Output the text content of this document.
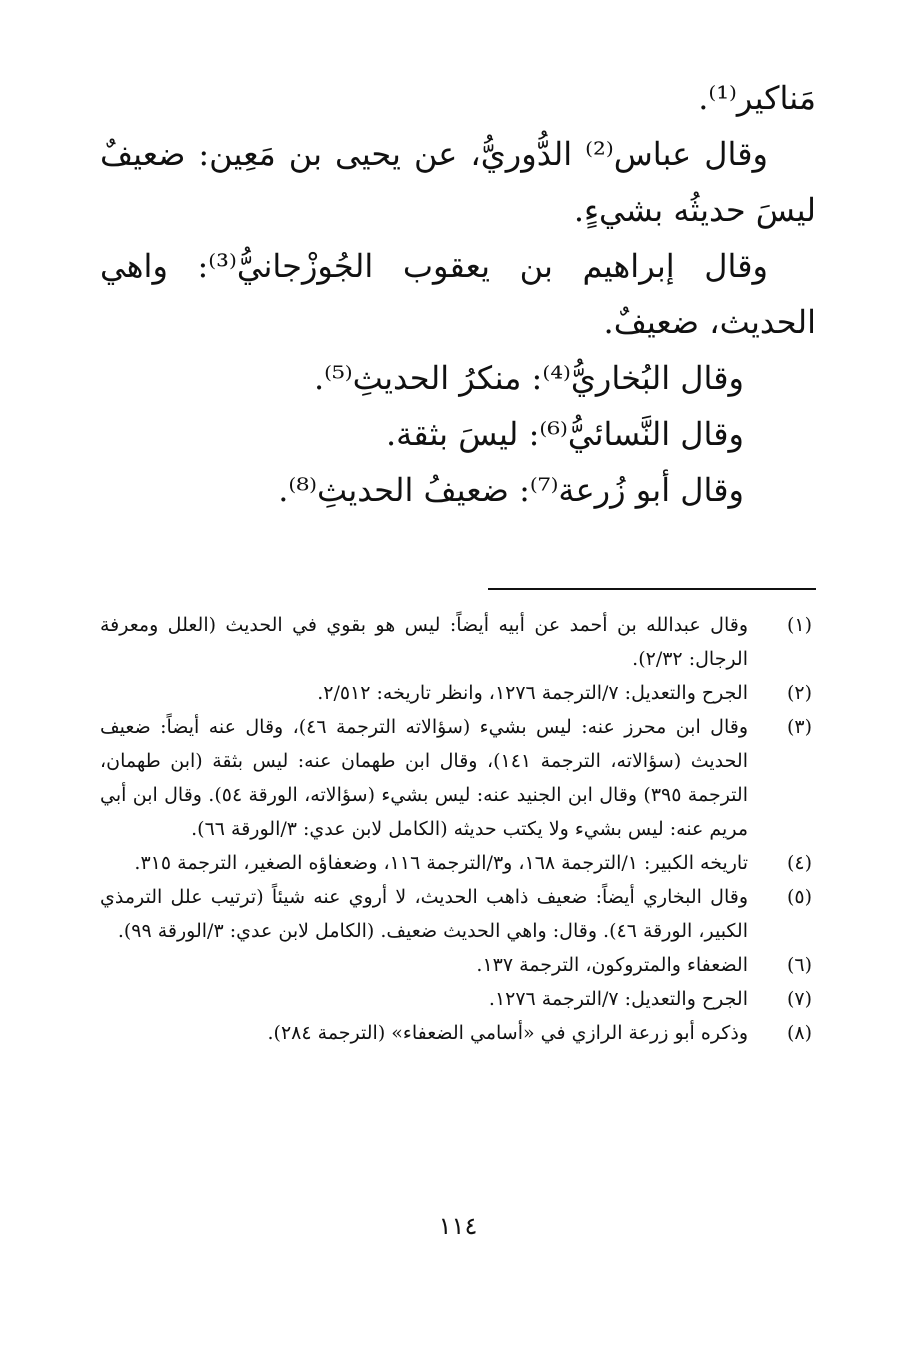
مَناكير⁽¹⁾.

وقال عباس⁽²⁾ الدُّوريُّ، عن يحيى بن مَعِين: ضعيفٌ ليسَ حديثُه بشيءٍ.

وقال إبراهيم بن يعقوب الجُوزْجانيُّ⁽³⁾: واهي الحديث، ضعيفٌ.

وقال البُخاريُّ⁽⁴⁾: منكرُ الحديثِ⁽⁵⁾.

وقال النَّسائيُّ⁽⁶⁾: ليسَ بثقة.

وقال أبو زُرعة⁽⁷⁾: ضعيفُ الحديثِ⁽⁸⁾.

(١)
وقال عبدالله بن أحمد عن أبيه أيضاً: ليس هو بقوي في الحديث (العلل ومعرفة الرجال: ٢/٣٢).
(٢)
الجرح والتعديل: ٧/الترجمة ١٢٧٦، وانظر تاريخه: ٢/٥١٢.
(٣)
وقال ابن محرز عنه: ليس بشيء (سؤالاته الترجمة ٤٦)، وقال عنه أيضاً: ضعيف الحديث (سؤالاته، الترجمة ١٤١)، وقال ابن طهمان عنه: ليس بثقة (ابن طهمان، الترجمة ٣٩٥) وقال ابن الجنيد عنه: ليس بشيء (سؤالاته، الورقة ٥٤). وقال ابن أبي مريم عنه: ليس بشيء ولا يكتب حديثه (الكامل لابن عدي: ٣/الورقة ٦٦).
(٤)
تاريخه الكبير: ١/الترجمة ١٦٨، و٣/الترجمة ١١٦، وضعفاؤه الصغير، الترجمة ٣١٥.
(٥)
وقال البخاري أيضاً: ضعيف ذاهب الحديث، لا أروي عنه شيئاً (ترتيب علل الترمذي الكبير، الورقة ٤٦). وقال: واهي الحديث ضعيف. (الكامل لابن عدي: ٣/الورقة ٩٩).
(٦)
الضعفاء والمتروكون، الترجمة ١٣٧.
(٧)
الجرح والتعديل: ٧/الترجمة ١٢٧٦.
(٨)
وذكره أبو زرعة الرازي في «أسامي الضعفاء» (الترجمة ٢٨٤).
١١٤
